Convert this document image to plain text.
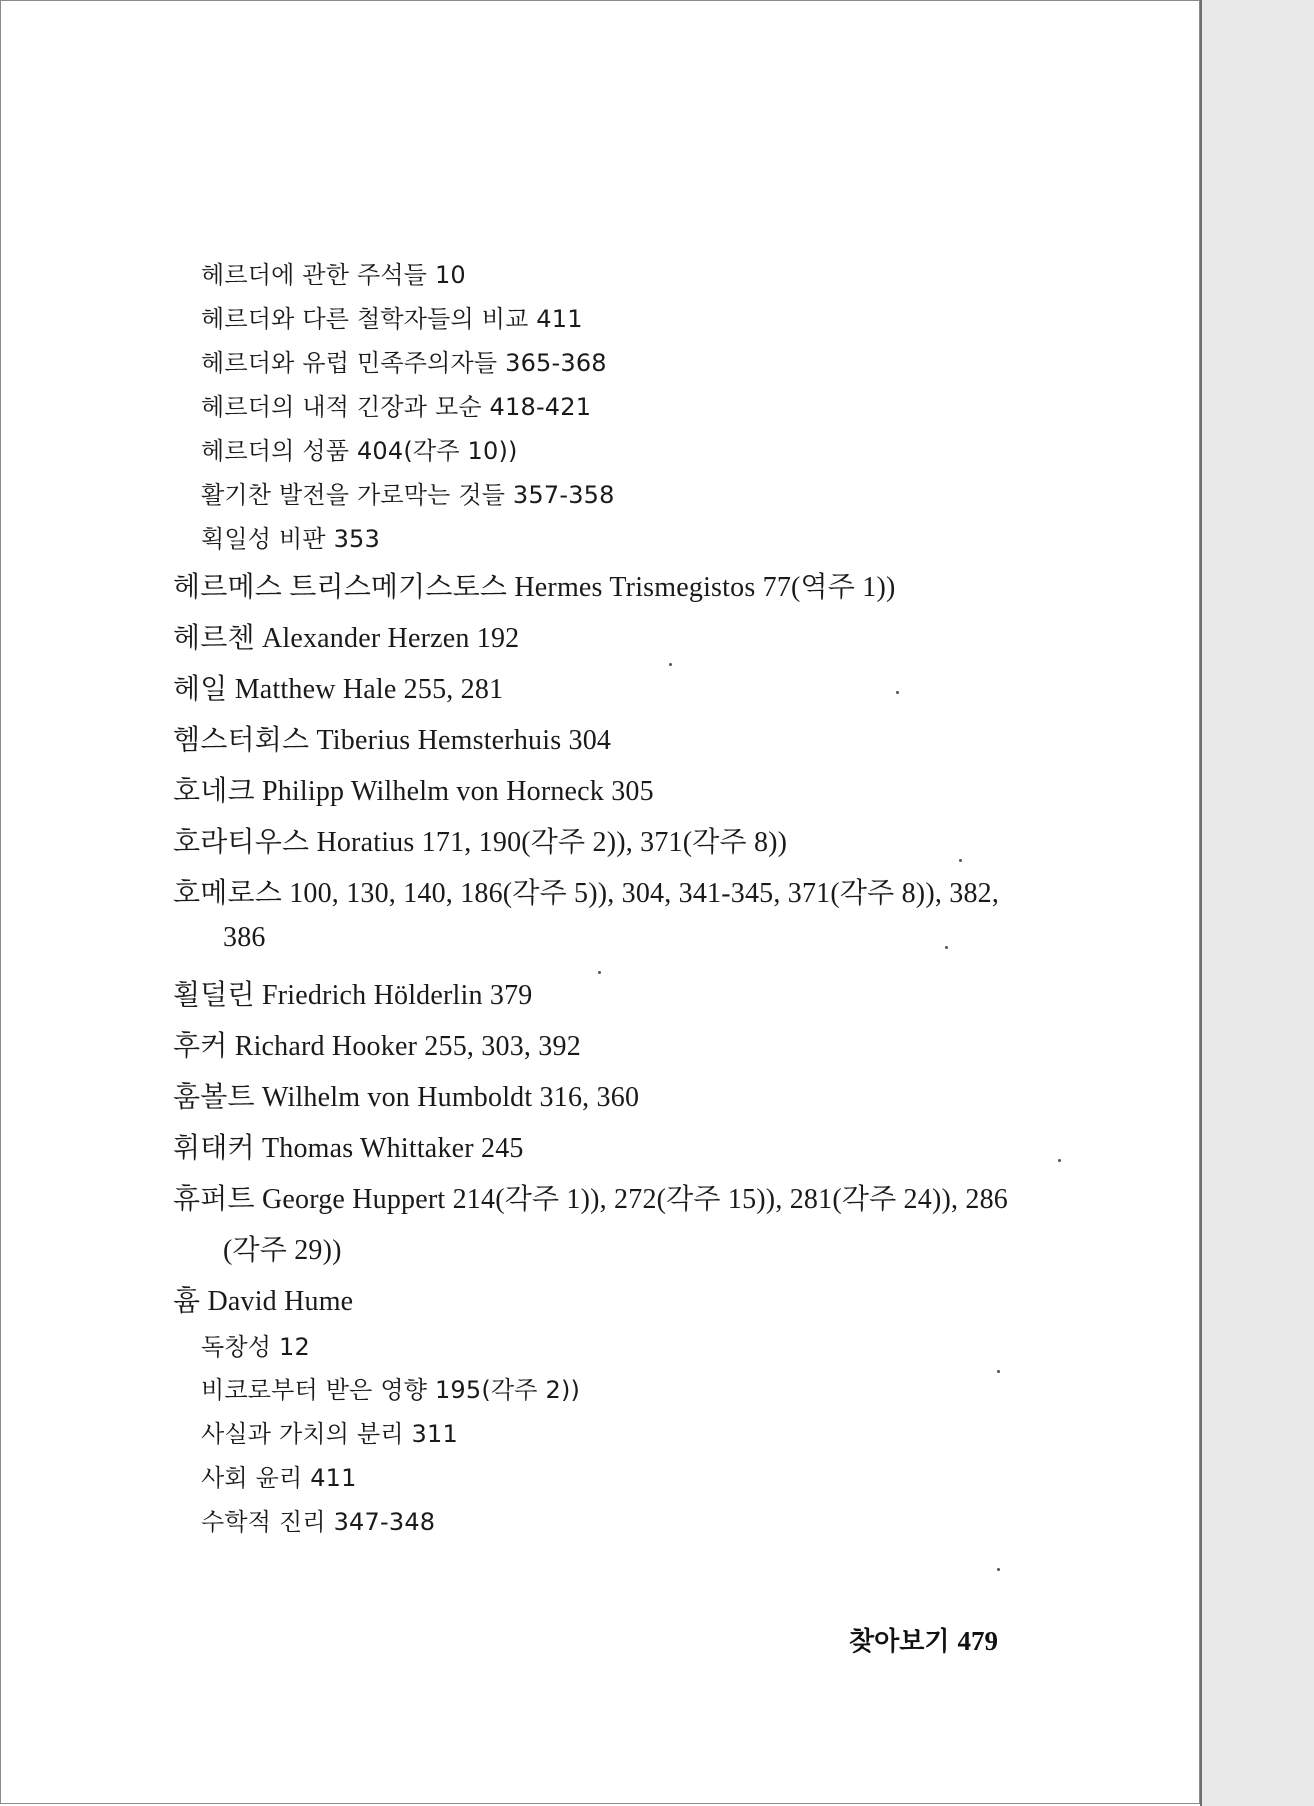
헤르더에 관한 주석들 10
헤르더와 다른 철학자들의 비교 411
헤르더와 유럽 민족주의자들 365-368
헤르더의 내적 긴장과 모순 418-421
헤르더의 성품 404(각주 10))
활기찬 발전을 가로막는 것들 357-358
획일성 비판 353
헤르메스 트리스메기스토스 Hermes Trismegistos 77(역주 1))
헤르첸 Alexander Herzen 192
헤일 Matthew Hale 255, 281
헴스터회스 Tiberius Hemsterhuis 304
호네크 Philipp Wilhelm von Horneck 305
호라티우스 Horatius 171, 190(각주 2)), 371(각주 8))
호메로스 100, 130, 140, 186(각주 5)), 304, 341-345, 371(각주 8)), 382,
386
횔덜린 Friedrich Hölderlin 379
후커 Richard Hooker 255, 303, 392
훔볼트 Wilhelm von Humboldt 316, 360
휘태커 Thomas Whittaker 245
휴퍼트 George Huppert 214(각주 1)), 272(각주 15)), 281(각주 24)), 286
(각주 29))
흄 David Hume
독창성 12
비코로부터 받은 영향 195(각주 2))
사실과 가치의 분리 311
사회 윤리 411
수학적 진리 347-348
찾아보기 479
